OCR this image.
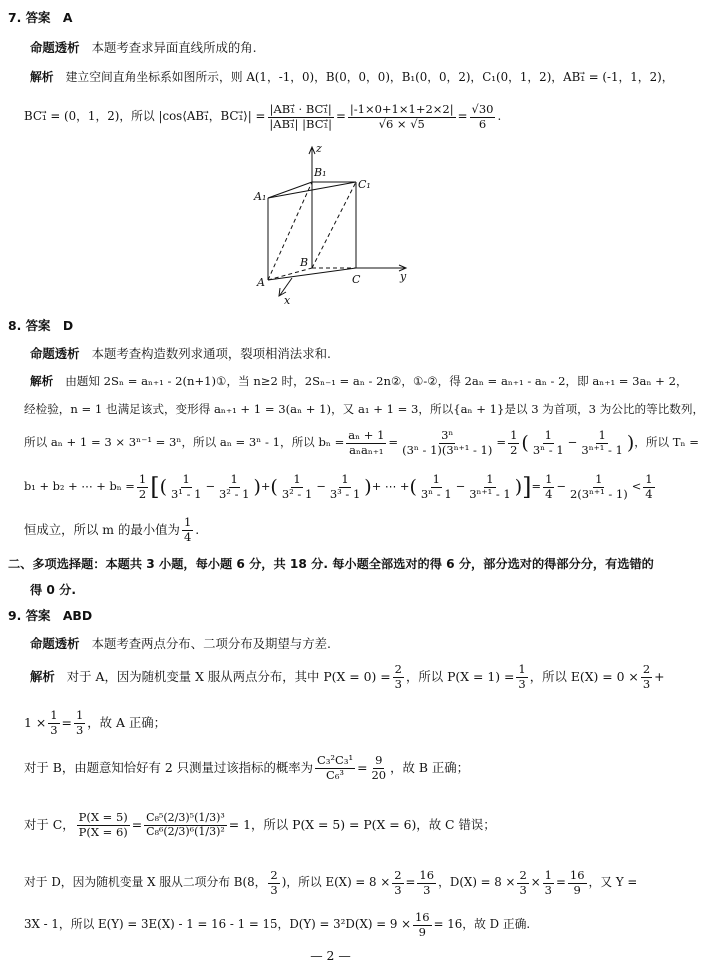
7. 答案　A
命题透析 本题考查求异面直线所成的角.
解析 建立空间直角坐标系如图所示，则 A(1，-1，0)，B(0，0，0)，B₁(0，0，2)，C₁(0，1，2)，AB₁⃗ = (-1，1，2)，
BC₁⃗ = (0，1，2)，所以 |cos⟨AB₁⃗，BC₁⃗⟩| = $\frac{\text{|AB₁⃗ · BC₁⃗|}}{\text{|AB₁⃗| |BC₁⃗|}} = \frac{|-1\times 0+1\times 1+2\times 2|}{√6 \times √5} = \frac{√30}{6}$ .
z
y
x
A₁
B₁
C₁
A
B
C
8. 答案　D
命题透析 本题考查构造数列求通项，裂项相消法求和.
解析 由题知 2Sₙ = aₙ₊₁ - 2(n+1)①，当 n≥2 时，2Sₙ₋₁ = aₙ - 2n②，①-②，得 2aₙ = aₙ₊₁ - aₙ - 2，即 aₙ₊₁ = 3aₙ + 2，
经检验，n = 1 也满足该式，变形得 aₙ₊₁ + 1 = 3(aₙ + 1)，又 a₁ + 1 = 3，所以{aₙ + 1}是以 3 为首项，3 为公比的等比数列，
所以 aₙ + 1 = 3 × 3ⁿ⁻¹ = 3ⁿ，所以 aₙ = 3ⁿ - 1，所以 bₙ = aₙ + 1
aₙaₙ₊₁
= $\frac{\text{3ⁿ}}{\text{(3ⁿ - 1)(3ⁿ⁺¹ - 1)}} = \frac{1}{2}$ ( $\frac{1}{\text{3ⁿ - 1}} - \frac{1}{\text{3ⁿ⁺¹ - 1}}$ ) ，所以 Tₙ =
b₁ + b₂ + ⋯ + $b_n = \frac{1}{2}$ [ ( 1
3¹ - 1
− $\frac{1}{\text{3² - 1}}$ ) + ( 1
3² - 1
− $\frac{1}{\text{3³ - 1}}$ ) + ⋯ + ( 1
3ⁿ - 1
− $\frac{1}{\text{3ⁿ⁺¹ - 1}}$ ) ] = $\frac{1}{4} - \frac{1}{\text{2(3ⁿ⁺¹ - 1)}}$ <
1
4
恒成立，所以 m 的最小值为 $\frac{1}{4}$ .
二、多项选择题：本题共 3 小题，每小题 6 分，共 18 分. 每小题全部选对的得 6 分，部分选对的得部分分，有选错的
得 0 分.
9. 答案　ABD
命题透析 本题考查两点分布、二项分布及期望与方差.
解析 对于 A，因为随机变量 X 服从两点分布，其中 $P(X = 0) = \frac{2}{3}$ ，所以 $P(X = 1) = \frac{1}{3}$ ，所以 $E(X) = 0 \times \frac{2}{3}$ +
$1 \times \frac{1}{3} = \frac{1}{3}$ ，故 A 正确；
对于 B，由题意知恰好有 2 只测量过该指标的概率为 $\frac{\text{C₃²C₃¹}}{\text{C₆³}} = \frac{9}{20}$ ，故 B 正确；
对于 C， $\frac{P(X = 5)}{P(X = 6)} = \frac{\text{C₈⁵(2/3)⁵(1/3)³}}{\text{C₈⁶(2/3)⁶(1/3)²}} = 1$，所以 P(X = 5) = P(X = 6)，故 C 错误；
对于 D，因为随机变量 X 服从二项分布 B(8， 2
3
)，所以 $E(X) = 8 \times \frac{2}{3} = \frac{16}{3}$ ，$D(X) = 8 \times \frac{2}{3} \times \frac{1}{3} = \frac{16}{9}$ ，又 Y =
3X - 1，所以 E(Y) = 3E(X) - 1 = 16 - 1 = 15，$D(Y) = 3^2D(X) = 9 \times \frac{16}{9} = 16$，故 D 正确.
— 2 —
